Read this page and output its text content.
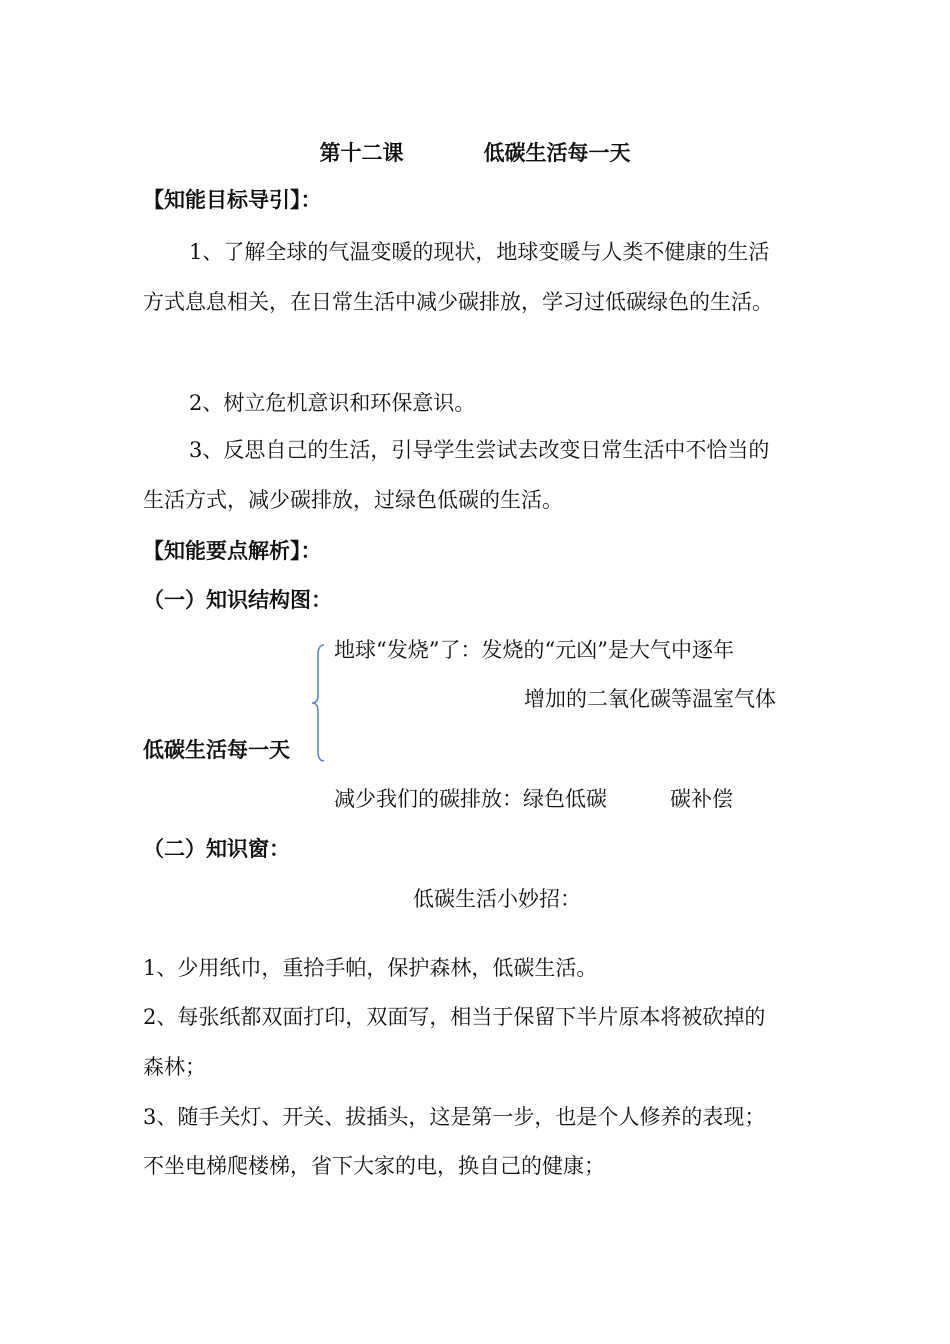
第十二课	低碳生活每一天
【知能目标导引】：
1、了解全球的气温变暖的现状，地球变暖与人类不健康的生活
方式息息相关，在日常生活中减少碳排放，学习过低碳绿色的生活。
2、树立危机意识和环保意识。
3、反思自己的生活，引导学生尝试去改变日常生活中不恰当的
生活方式，减少碳排放，过绿色低碳的生活。
【知能要点解析】：
（一）知识结构图：
地球“发烧”了：发烧的“元凶”是大气中逐年
增加的二氧化碳等温室气体
低碳生活每一天
减少我们的碳排放：绿色低碳	碳补偿
（二）知识窗：
低碳生活小妙招：
1、少用纸巾，重拾手帕，保护森林，低碳生活。
2、每张纸都双面打印，双面写，相当于保留下半片原本将被砍掉的
森林；
3、随手关灯、开关、拔插头，这是第一步，也是个人修养的表现；
不坐电梯爬楼梯，省下大家的电，换自己的健康；
